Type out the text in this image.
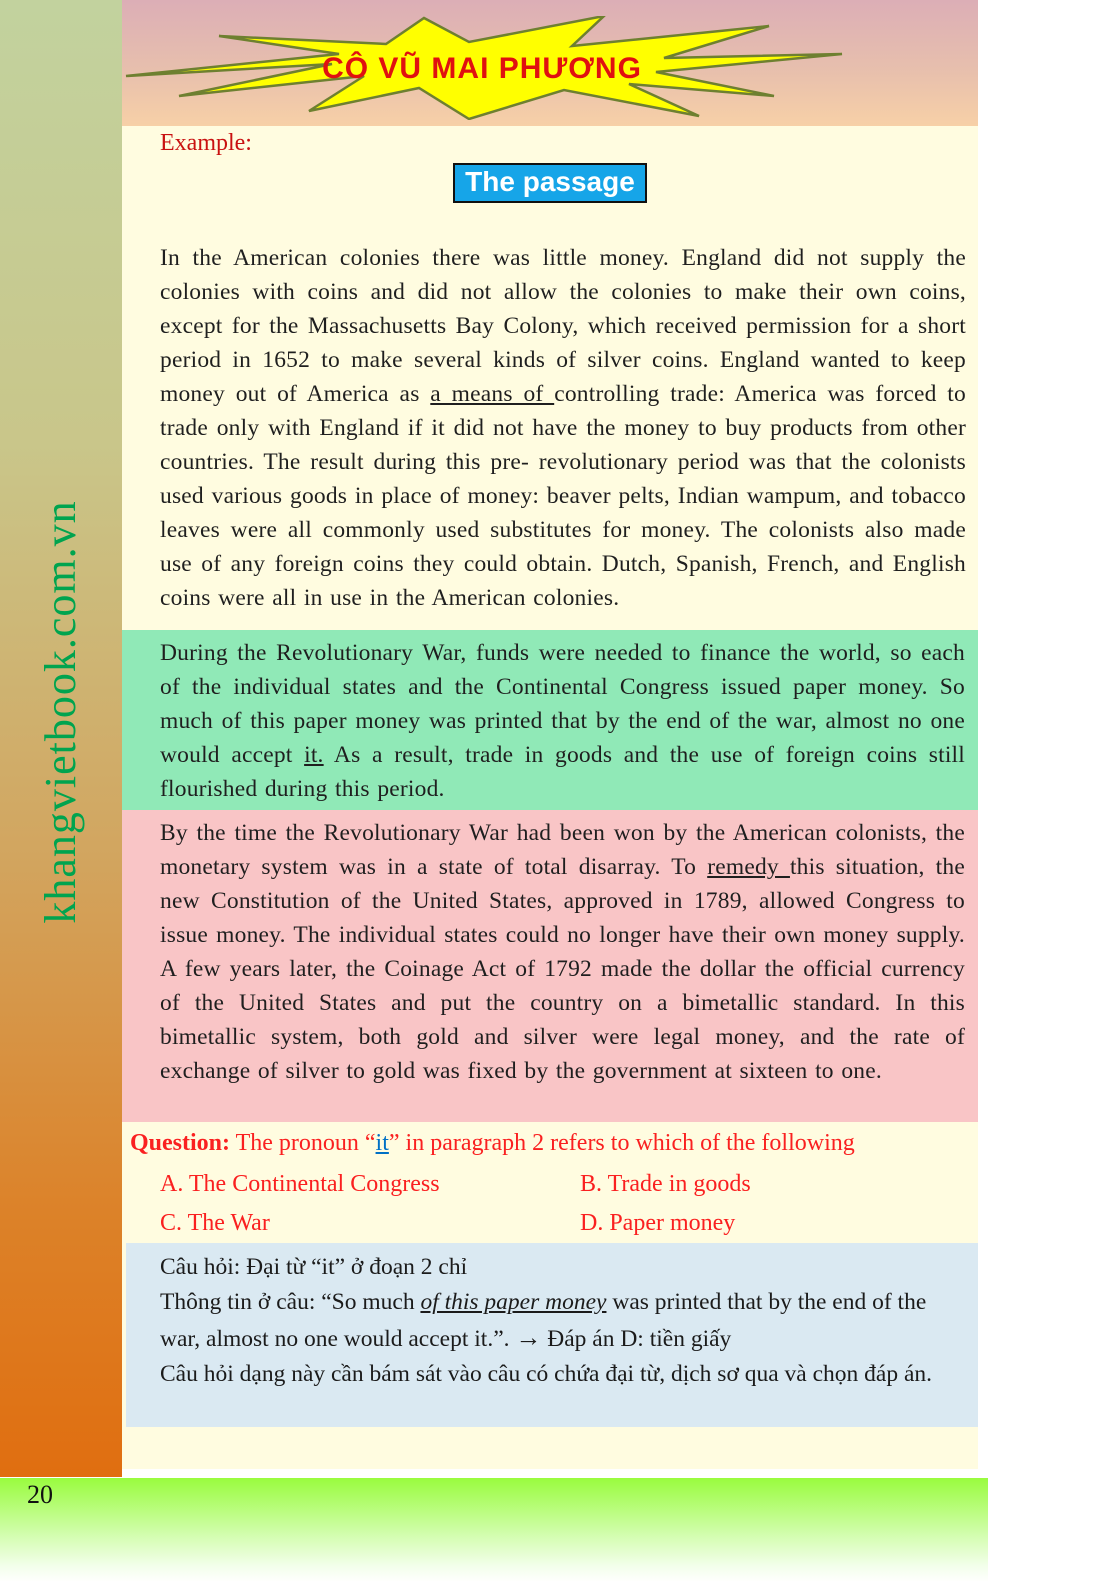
khangvietbook.com.vn
CÔ VŨ MAI PHƯƠNG
Example:
The passage

In the American colonies there was little money. England did not supply the colonies with coins and did not allow the colonies to make their own coins, except for the Massachusetts Bay Colony, which received permission for a short period in 1652 to make several kinds of silver coins. England wanted to keep money out of America as a means of controlling trade: America was forced to trade only with England if it did not have the money to buy products from other countries. The result during this pre- revolutionary period was that the colonists used various goods in place of money: beaver pelts, Indian wampum, and tobacco leaves were all commonly used substitutes for money. The colonists also made use of any foreign coins they could obtain. Dutch, Spanish, French, and English coins were all in use in the American colonies.

During the Revolutionary War, funds were needed to finance the world, so each of the individual states and the Continental Congress issued paper money. So much of this paper money was printed that by the end of the war, almost no one would accept it. As a result, trade in goods and the use of foreign coins still flourished during this period.

By the time the Revolutionary War had been won by the American colonists, the monetary system was in a state of total disarray. To remedy this situation, the new Constitution of the United States, approved in 1789, allowed Congress to issue money. The individual states could no longer have their own money supply. A few years later, the Coinage Act of 1792 made the dollar the official currency of the United States and put the country on a bimetallic standard. In this bimetallic system, both gold and silver were legal money, and the rate of exchange of silver to gold was fixed by the government at sixteen to one.

Question: The pronoun “it” in paragraph 2 refers to which of the following
A. The Continental Congress	B. Trade in goods
C. The War	D. Paper money

Câu hỏi: Đại từ “it” ở đoạn 2 chỉ

Thông tin ở câu: “So much of this paper money was printed that by the end of the war, almost no one would accept it.”. → Đáp án D: tiền giấy

Câu hỏi dạng này cần bám sát vào câu có chứa đại từ, dịch sơ qua và chọn đáp án.

20
